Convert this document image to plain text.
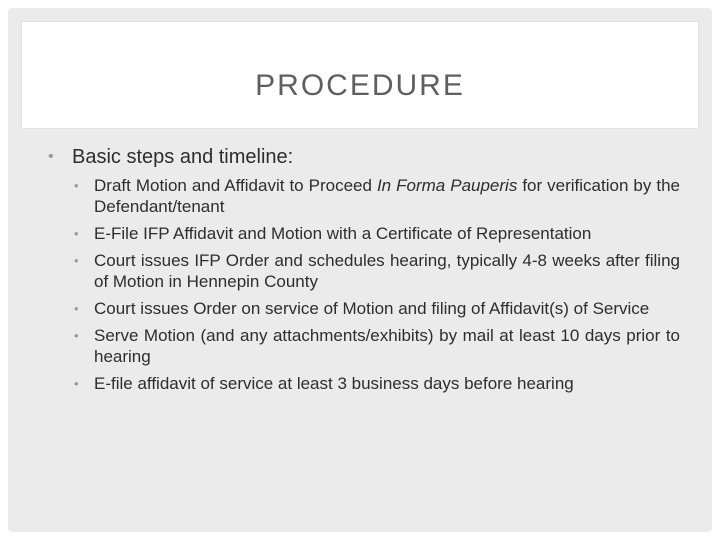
PROCEDURE
• Basic steps and timeline:
• Draft Motion and Affidavit to Proceed In Forma Pauperis for verification by the Defendant/tenant
• E-File IFP Affidavit and Motion with a Certificate of Representation
• Court issues IFP Order and schedules hearing, typically 4-8 weeks after filing of Motion in Hennepin County
• Court issues Order on service of Motion and filing of Affidavit(s) of Service
• Serve Motion (and any attachments/exhibits) by mail at least 10 days prior to hearing
• E-file affidavit of service at least 3 business days before hearing
